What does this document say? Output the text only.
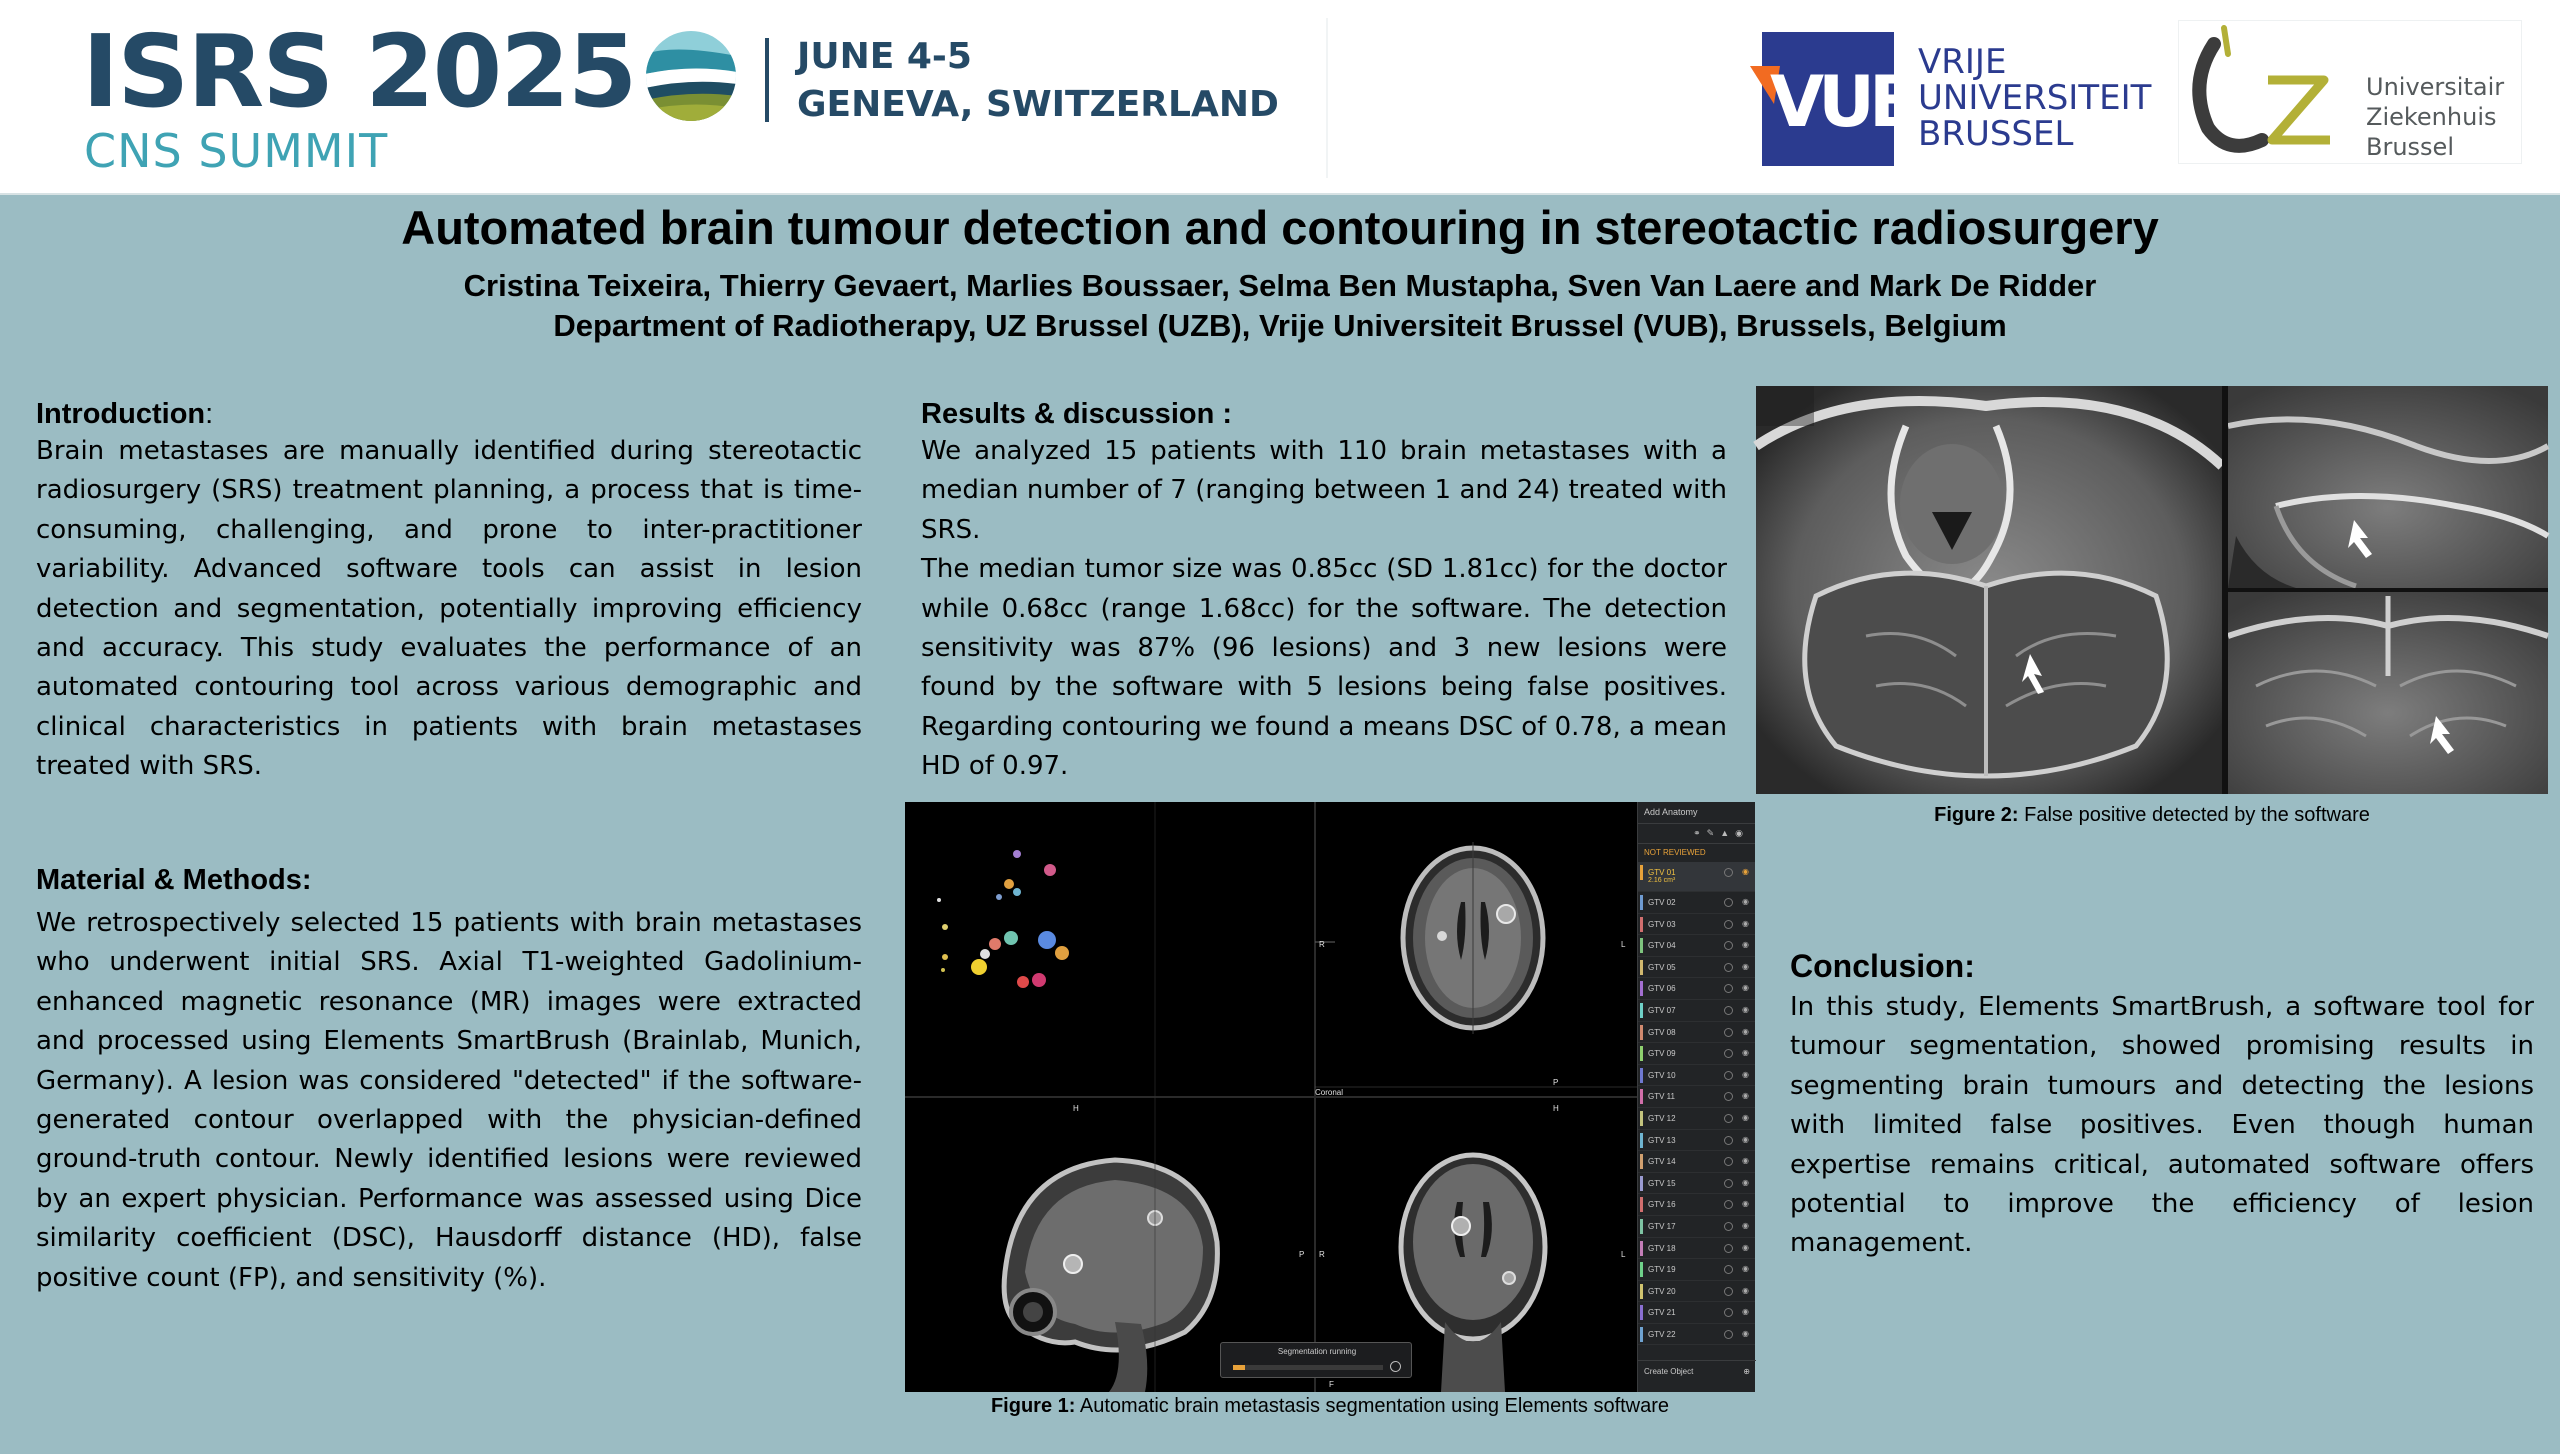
ISRS 2025
CNS SUMMIT
JUNE 4-5
GENEVA, SWITZERLAND	VUB VRIJE
UNIVERSITEIT
BRUSSEL
UZ
Universitair
Ziekenhuis
Brussel
Automated brain tumour detection and contouring in stereotactic radiosurgery
Cristina Teixeira, Thierry Gevaert, Marlies Boussaer, Selma Ben Mustapha, Sven Van Laere and Mark De Ridder
Department of Radiotherapy, UZ Brussel (UZB), Vrije Universiteit Brussel (VUB), Brussels, Belgium
Introduction:
Brain metastases are manually identified during stereotactic radiosurgery (SRS) treatment planning, a process that is time-consuming, challenging, and prone to inter-practitioner variability. Advanced software tools can assist in lesion detection and segmentation, potentially improving efficiency and accuracy. This study evaluates the performance of an automated contouring tool across various demographic and clinical characteristics in patients with brain metastases treated with SRS.
Material & Methods:
We retrospectively selected 15 patients with brain metastases who underwent initial SRS. Axial T1-weighted Gadolinium-enhanced magnetic resonance (MR) images were extracted and processed using Elements SmartBrush (Brainlab, Munich, Germany). A lesion was considered "detected" if the software-generated contour overlapped with the physician-defined ground-truth contour. Newly identified lesions were reviewed by an expert physician. Performance was assessed using Dice similarity coefficient (DSC), Hausdorff distance (HD), false positive count (FP), and sensitivity (%).
Results & discussion :
We analyzed 15 patients with 110 brain metastases with a median number of 7 (ranging between 1 and 24) treated with SRS.
The median tumor size was 0.85cc (SD 1.81cc) for the doctor while 0.68cc (range 1.68cc) for the software. The detection sensitivity was 87% (96 lesions) and 3 new lesions were found by the software with 5 lesions being false positives. Regarding contouring we found a means DSC of 0.78, a mean HD of 0.97.
R	L
P
Coronal
H
P R	L
H
F
Segmentation running
Add Anatomy
⚭✎▲◉
NOT REVIEWED
GTV 01
2.16 cm³
◉
GTV 02	◉
GTV 03	◉
GTV 04	◉
GTV 05	◉
GTV 06	◉
GTV 07	◉
GTV 08	◉
GTV 09	◉
GTV 10	◉
GTV 11	◉
GTV 12	◉
GTV 13	◉
GTV 14	◉
GTV 15	◉
GTV 16	◉
GTV 17	◉
GTV 18	◉
GTV 19	◉
GTV 20	◉
GTV 21	◉
GTV 22	◉
Create Object	⊕
Figure 1: Automatic brain metastasis segmentation using Elements software
Figure 2: False positive detected by the software
Conclusion:
In this study, Elements SmartBrush, a software tool for tumour segmentation, showed promising results in segmenting brain tumours and detecting the lesions with limited false positives. Even though human expertise remains critical, automated software offers potential to improve the efficiency of lesion management.
